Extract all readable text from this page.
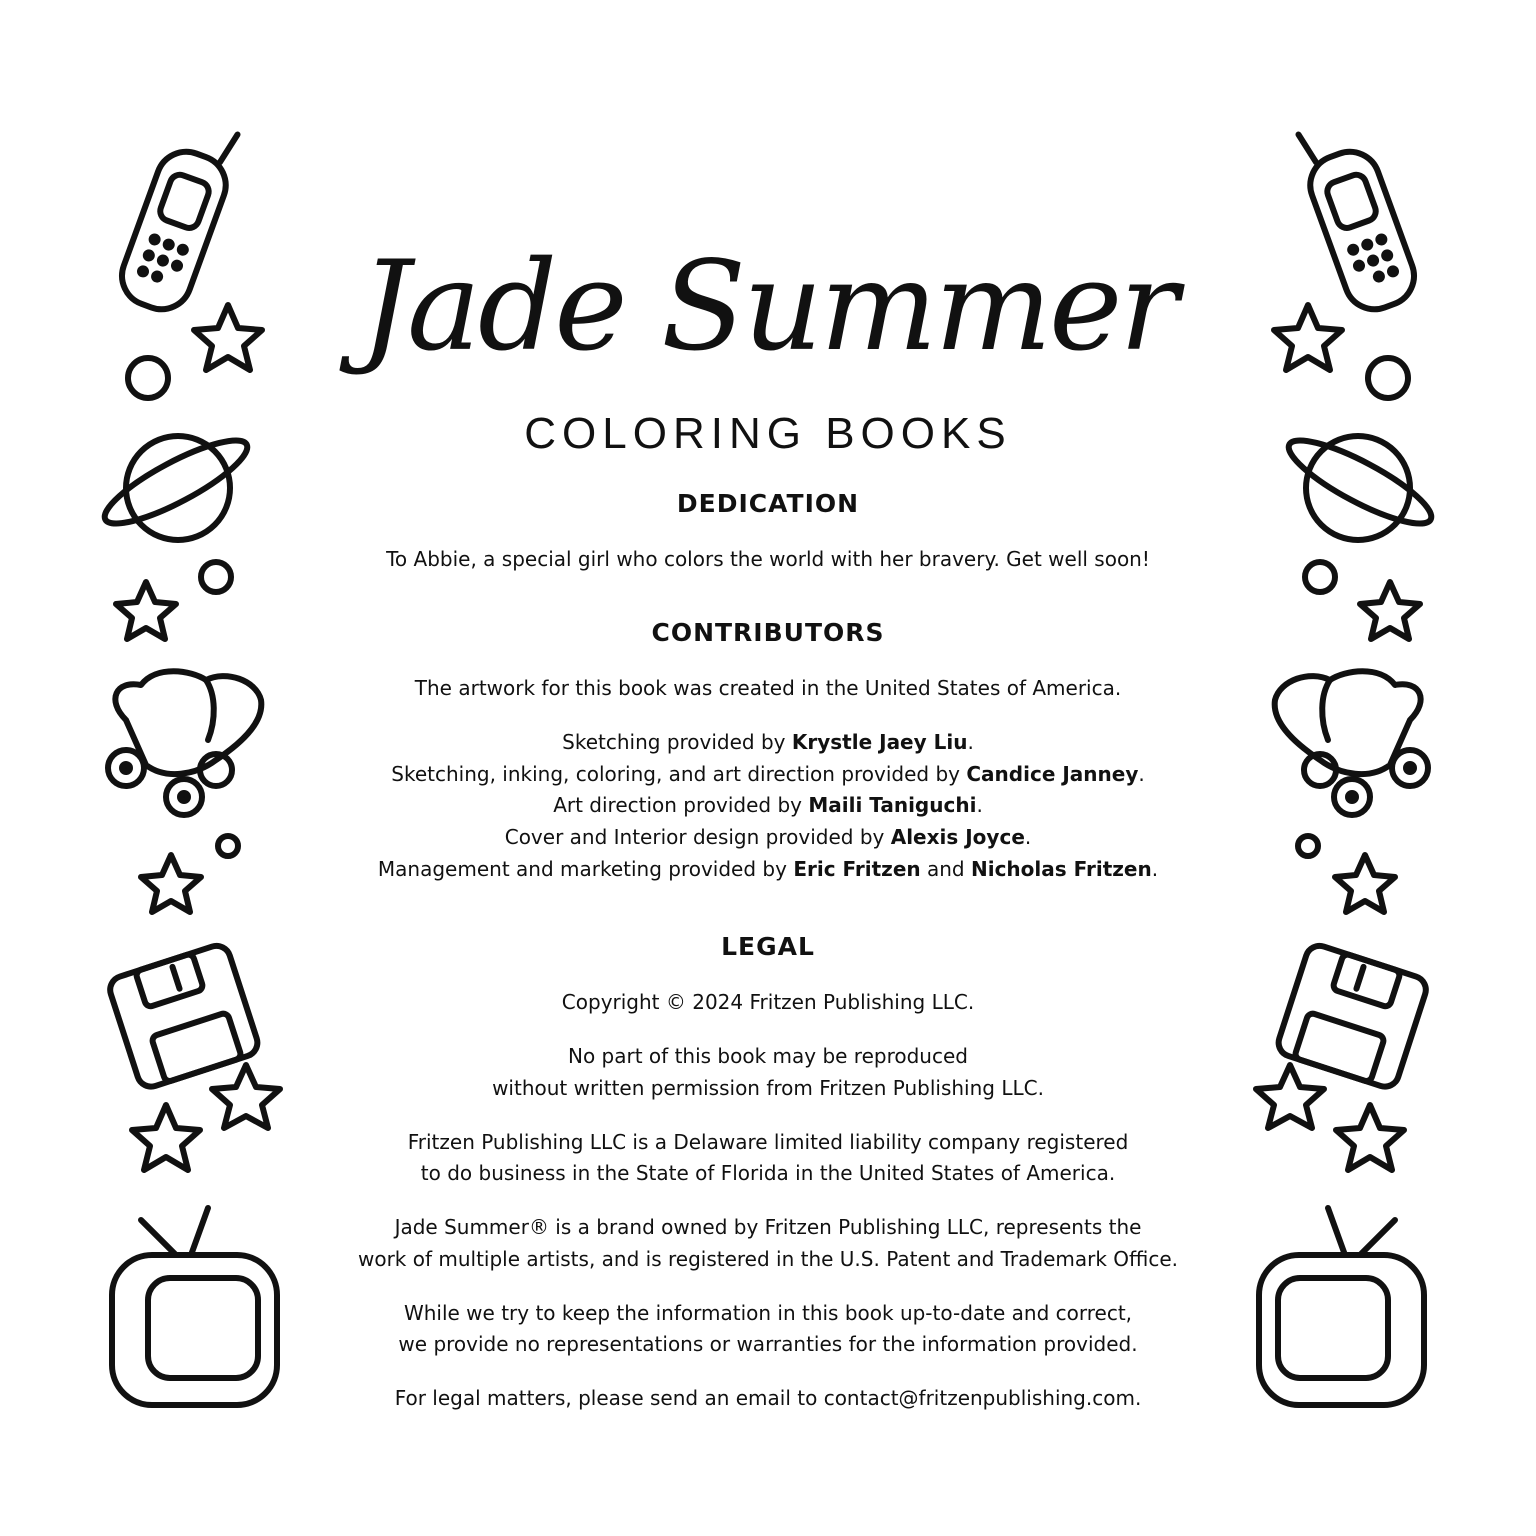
Jade Summer
COLORING BOOKS
DEDICATION
To Abbie, a special girl who colors the world with her bravery. Get well soon!
CONTRIBUTORS
The artwork for this book was created in the United States of America.
Sketching provided by Krystle Jaey Liu.
Sketching, inking, coloring, and art direction provided by Candice Janney.
Art direction provided by Maili Taniguchi.
Cover and Interior design provided by Alexis Joyce.
Management and marketing provided by Eric Fritzen and Nicholas Fritzen.
LEGAL
Copyright © 2024 Fritzen Publishing LLC.
No part of this book may be reproduced
without written permission from Fritzen Publishing LLC.
Fritzen Publishing LLC is a Delaware limited liability company registered
to do business in the State of Florida in the United States of America.
Jade Summer® is a brand owned by Fritzen Publishing LLC, represents the
work of multiple artists, and is registered in the U.S. Patent and Trademark Office.
While we try to keep the information in this book up-to-date and correct,
we provide no representations or warranties for the information provided.
For legal matters, please send an email to contact@fritzenpublishing.com.
